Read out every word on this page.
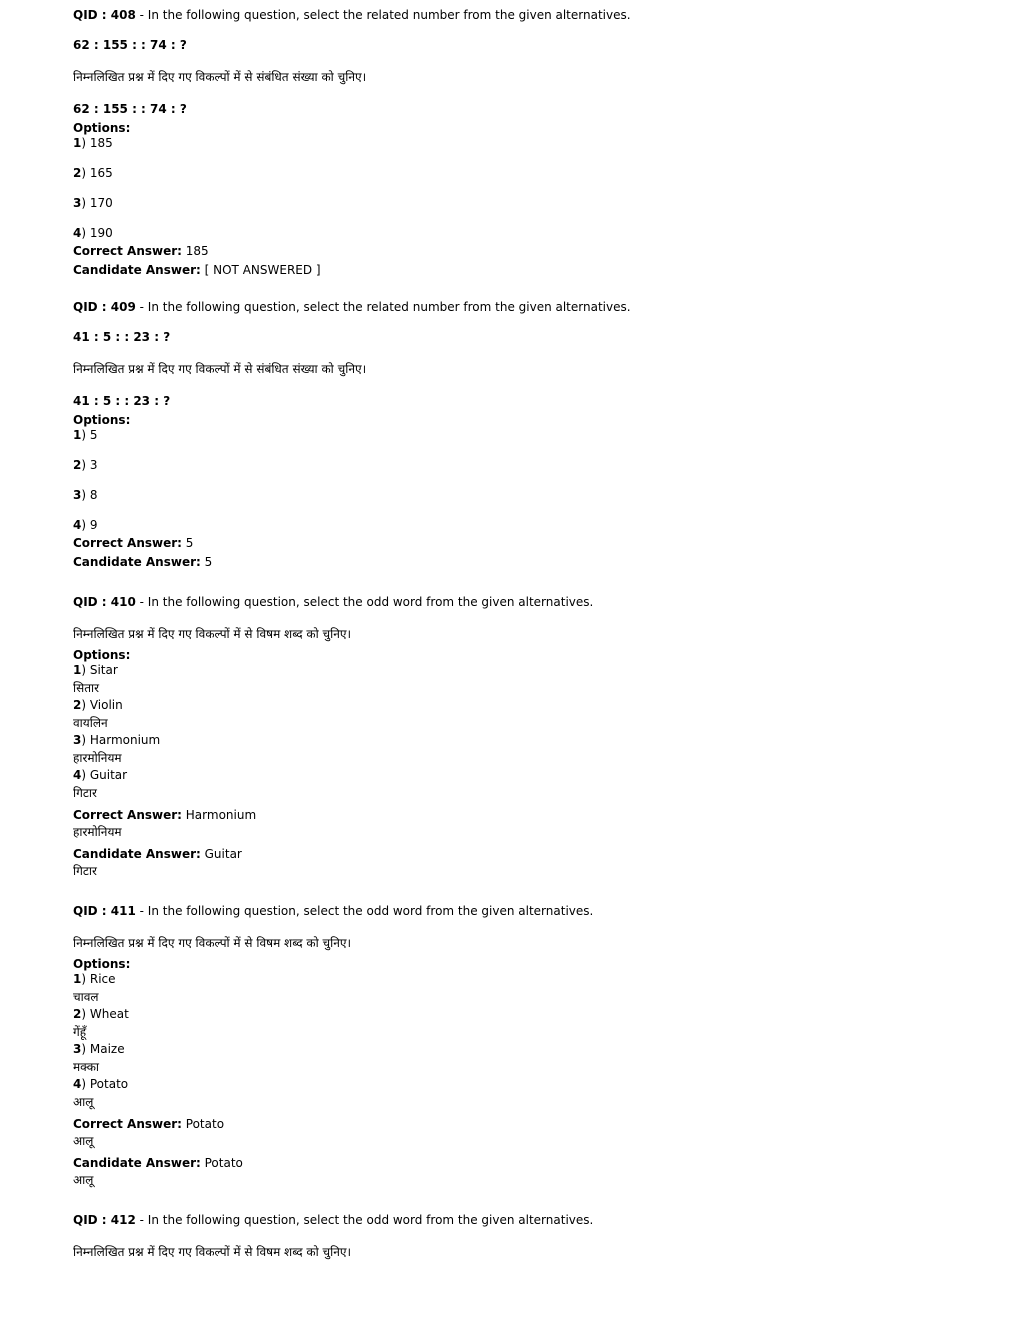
QID : 408 - In the following question, select the related number from the given alternatives.
62 : 155 : : 74 : ?
निम्नलिखित प्रश्न में दिए गए विकल्पों में से संबंधित संख्या को चुनिए।
62 : 155 : : 74 : ?
Options:
1) 185
2) 165
3) 170
4) 190
Correct Answer: 185
Candidate Answer: [ NOT ANSWERED ]
QID : 409 - In the following question, select the related number from the given alternatives.
41 : 5 : : 23 : ?
निम्नलिखित प्रश्न में दिए गए विकल्पों में से संबंधित संख्या को चुनिए।
41 : 5 : : 23 : ?
Options:
1) 5
2) 3
3) 8
4) 9
Correct Answer: 5
Candidate Answer: 5
QID : 410 - In the following question, select the odd word from the given alternatives.
निम्नलिखित प्रश्न में दिए गए विकल्पों में से विषम शब्द को चुनिए।
Options:
1) Sitar
सितार
2) Violin
वायलिन
3) Harmonium
हारमोनियम
4) Guitar
गिटार
Correct Answer: Harmonium
हारमोनियम
Candidate Answer: Guitar
गिटार
QID : 411 - In the following question, select the odd word from the given alternatives.
निम्नलिखित प्रश्न में दिए गए विकल्पों में से विषम शब्द को चुनिए।
Options:
1) Rice
चावल
2) Wheat
गेंहूँ
3) Maize
मक्का
4) Potato
आलू
Correct Answer: Potato
आलू
Candidate Answer: Potato
आलू
QID : 412 - In the following question, select the odd word from the given alternatives.
निम्नलिखित प्रश्न में दिए गए विकल्पों में से विषम शब्द को चुनिए।
